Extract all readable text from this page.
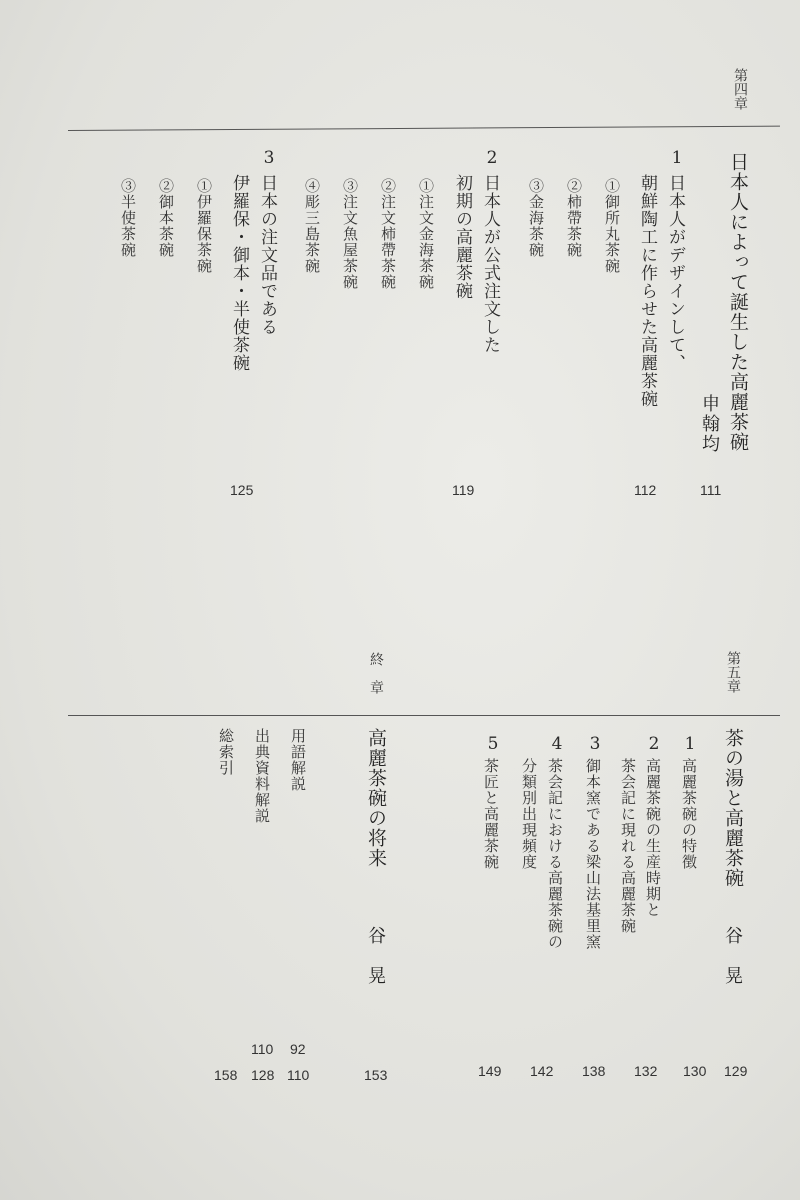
第四章
日本人によって誕生した高麗茶碗
申翰均
111
1
日本人がデザインして、
朝鮮陶工に作らせた高麗茶碗
112
①御所丸茶碗
②柿帶茶碗
③金海茶碗
2
日本人が公式注文した
初期の高麗茶碗
119
①注文金海茶碗
②注文柿帶茶碗
③注文魚屋茶碗
④彫三島茶碗
3
日本の注文品である
伊羅保・御本・半使茶碗
125
①伊羅保茶碗
②御本茶碗
③半使茶碗
第五章
茶の湯と高麗茶碗
谷　晃
129
1
高麗茶碗の特徴
130
2
高麗茶碗の生産時期と
茶会記に現れる高麗茶碗
132
3
御本窯である梁山法基里窯
138
4
茶会記における高麗茶碗の
分類別出現頻度
142
5
茶匠と高麗茶碗
149
終　章
高麗茶碗の将来
谷　晃
153
用語解説
92
110
出典資料解説
110
128
総索引
158
